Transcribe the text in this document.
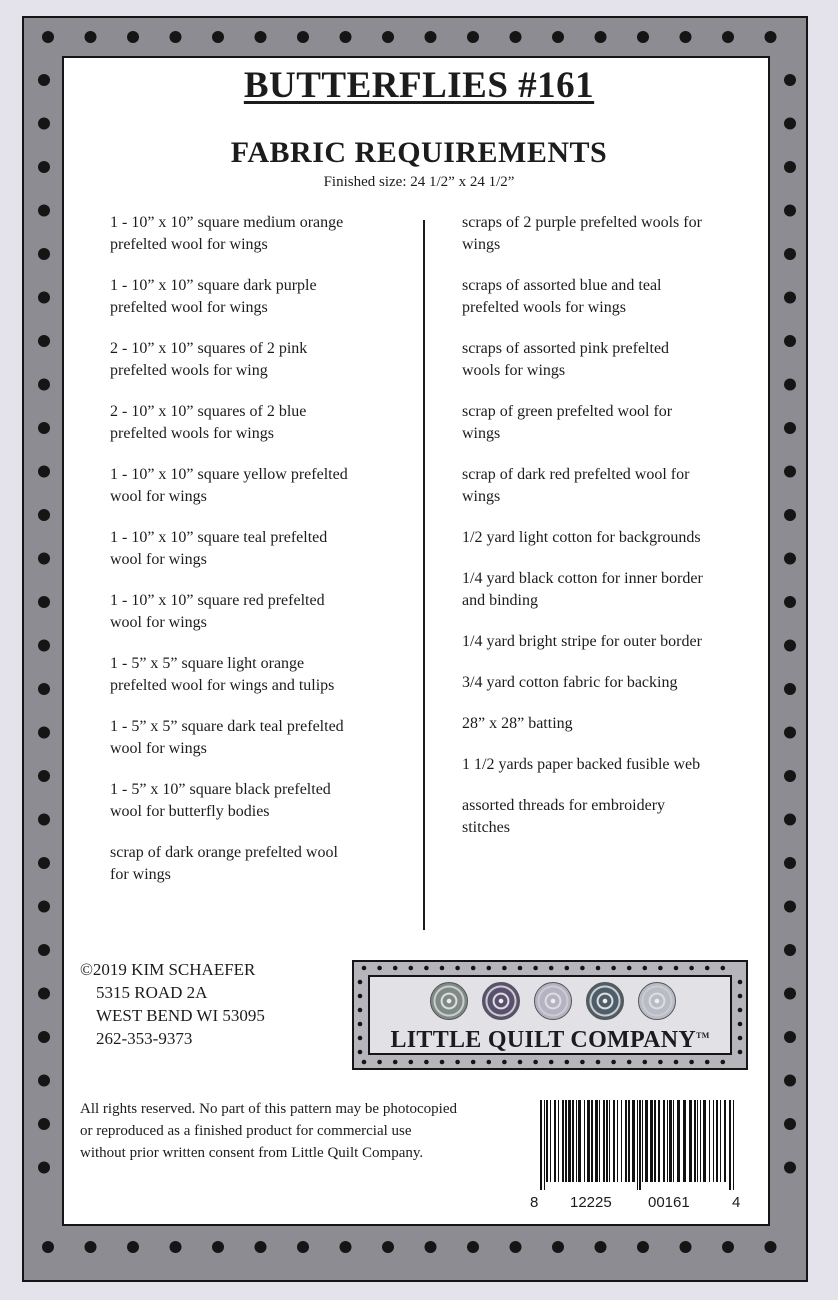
BUTTERFLIES #161
FABRIC REQUIREMENTS
Finished size: 24 1/2” x 24 1/2”
1 - 10” x 10” square medium orange
prefelted wool for wings
1 - 10” x 10” square dark purple
prefelted wool for wings
2 - 10” x 10” squares of 2 pink
prefelted wools for wing
2 - 10” x 10” squares of 2 blue
prefelted wools for wings
1 - 10” x 10” square yellow prefelted
wool for wings
1 - 10” x 10” square teal prefelted
wool for wings
1 - 10” x 10” square red prefelted
wool for wings
1 - 5” x 5” square light orange
prefelted wool for wings and tulips
1 - 5” x 5” square dark teal prefelted
wool for wings
1 - 5” x 10” square black prefelted
wool for butterfly bodies
scrap of dark orange prefelted wool
for wings
scraps of 2 purple prefelted wools for
wings
scraps of assorted blue and teal
prefelted wools for wings
scraps of assorted pink prefelted
wools for wings
scrap of green prefelted wool for
wings
scrap of dark red prefelted wool for
wings
1/2 yard light cotton for backgrounds
1/4 yard black cotton for inner border
and binding
1/4 yard bright stripe for outer border
3/4 yard cotton fabric for backing
28” x 28” batting
1 1/2 yards paper backed fusible web
assorted threads for embroidery
stitches
©2019 KIM SCHAEFER
5315 ROAD 2A
WEST BEND WI 53095
262-353-9373	LITTLE QUILT COMPANY™
All rights reserved. No part of this pattern may be photocopied or reproduced as a finished product for commercial use without prior written consent from Little Quilt Company.
8 12225 00161	4
